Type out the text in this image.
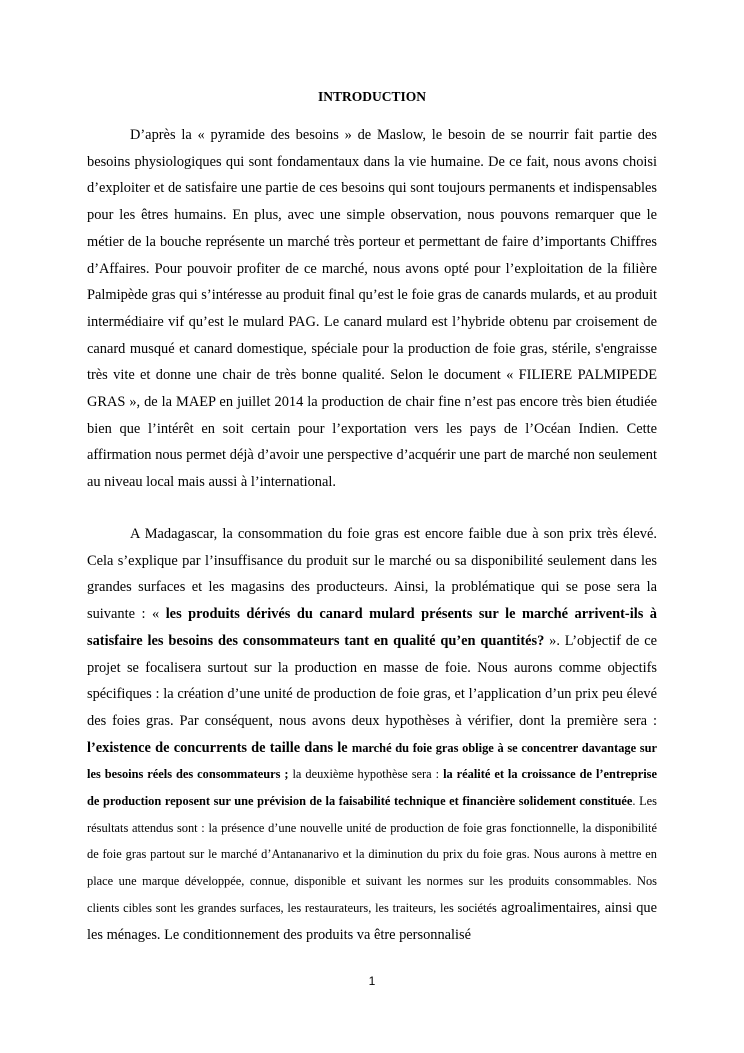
INTRODUCTION

D’après la « pyramide des besoins » de Maslow, le besoin de se nourrir fait partie des besoins physiologiques qui sont fondamentaux dans la vie humaine. De ce fait, nous avons choisi d’exploiter et de satisfaire une partie de ces besoins qui sont toujours permanents et indispensables pour les êtres humains. En plus, avec une simple observation, nous pouvons remarquer que le métier de la bouche représente un marché très porteur et permettant de faire d’importants Chiffres d’Affaires. Pour pouvoir profiter de ce marché, nous avons opté pour l’exploitation de la filière Palmipède gras qui s’intéresse au produit final qu’est le foie gras de canards mulards, et au produit intermédiaire vif qu’est le mulard PAG. Le canard mulard est l’hybride obtenu par croisement de canard musqué et canard domestique, spéciale pour la production de foie gras, stérile, s'engraisse très vite et donne une chair de très bonne qualité. Selon le document « FILIERE PALMIPEDE GRAS », de la MAEP en juillet 2014 la production de chair fine n’est pas encore très bien étudiée bien que l’intérêt en soit certain pour l’exportation vers les pays de l’Océan Indien. Cette affirmation nous permet déjà d’avoir une perspective d’acquérir une part de marché non seulement au niveau local mais aussi à l’international.

A Madagascar, la consommation du foie gras est encore faible due à son prix très élevé. Cela s’explique par l’insuffisance du produit sur le marché ou sa disponibilité seulement dans les grandes surfaces et les magasins des producteurs. Ainsi, la problématique qui se pose sera la suivante : « les produits dérivés du canard mulard présents sur le marché arrivent-ils à satisfaire les besoins des consommateurs tant en qualité qu’en quantités? ». L’objectif de ce projet se focalisera surtout sur la production en masse de foie. Nous aurons comme objectifs spécifiques : la création d’une unité de production de foie gras, et l’application d’un prix peu élevé des foies gras. Par conséquent, nous avons deux hypothèses à vérifier, dont la première sera : l’existence de concurrents de taille dans le marché du foie gras oblige à se concentrer davantage sur les besoins réels des consommateurs ; la deuxième hypothèse sera : la réalité et la croissance de l’entreprise de production reposent sur une prévision de la faisabilité technique et financière solidement constituée. Les résultats attendus sont : la présence d’une nouvelle unité de production de foie gras fonctionnelle, la disponibilité de foie gras partout sur le marché d’Antananarivo et la diminution du prix du foie gras. Nous aurons à mettre en place une marque développée, connue, disponible et suivant les normes sur les produits consommables. Nos clients cibles sont les grandes surfaces, les restaurateurs, les traiteurs, les sociétés agroalimentaires, ainsi que les ménages. Le conditionnement des produits va être personnalisé

1
